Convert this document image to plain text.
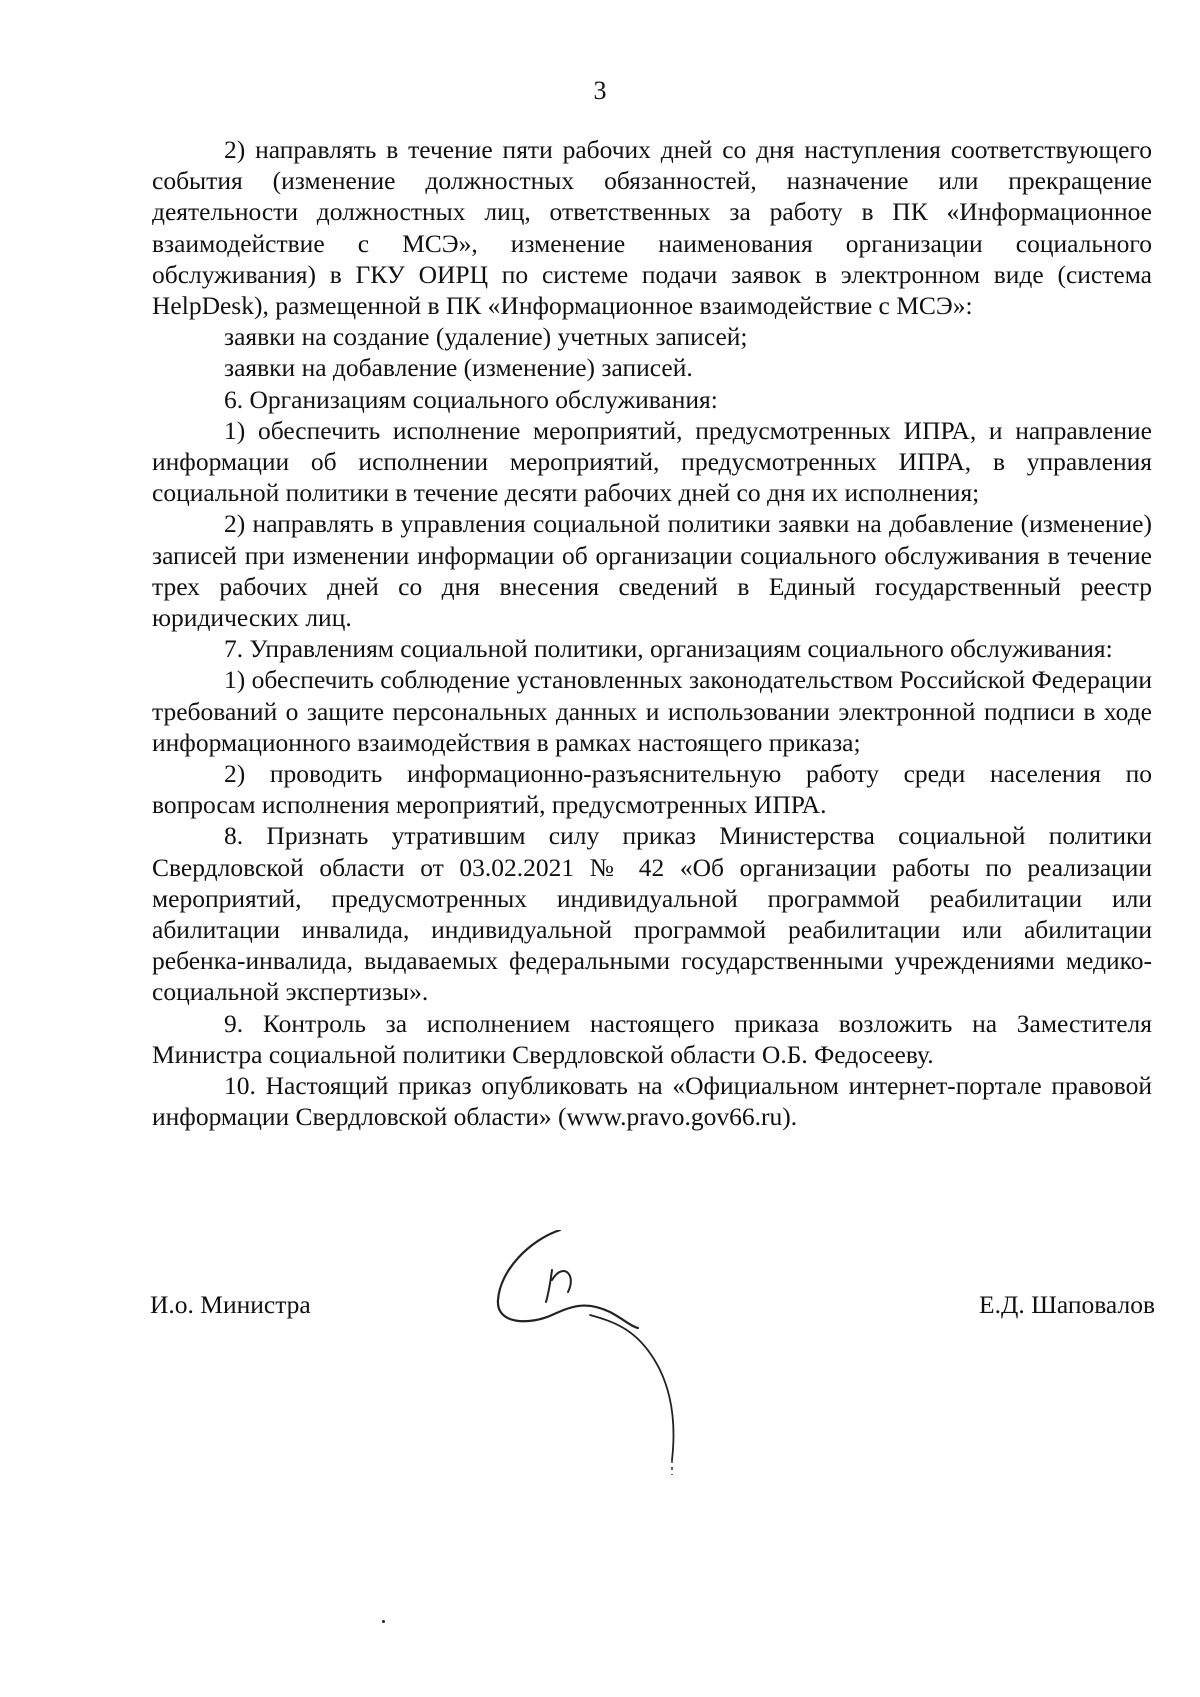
3

2) направлять в течение пяти рабочих дней со дня наступления соответствующего события (изменение должностных обязанностей, назначение или прекращение деятельности должностных лиц, ответственных за работу в ПК «Информационное взаимодействие с МСЭ», изменение наименования организации социального обслуживания) в ГКУ ОИРЦ по системе подачи заявок в электронном виде (система HelpDesk), размещенной в ПК «Информационное взаимодействие с МСЭ»:

заявки на создание (удаление) учетных записей;

заявки на добавление (изменение) записей.

6. Организациям социального обслуживания:

1) обеспечить исполнение мероприятий, предусмотренных ИПРА, и направление информации об исполнении мероприятий, предусмотренных ИПРА, в управления социальной политики в течение десяти рабочих дней со дня их исполнения;

2) направлять в управления социальной политики заявки на добавление (изменение) записей при изменении информации об организации социального обслуживания в течение трех рабочих дней со дня внесения сведений в Единый государственный реестр юридических лиц.

7. Управлениям социальной политики, организациям социального обслуживания:

1) обеспечить соблюдение установленных законодательством Российской Федерации требований о защите персональных данных и использовании электронной подписи в ходе информационного взаимодействия в рамках настоящего приказа;

2) проводить информационно-разъяснительную работу среди населения по вопросам исполнения мероприятий, предусмотренных ИПРА.

8. Признать утратившим силу приказ Министерства социальной политики Свердловской области от 03.02.2021 № 42 «Об организации работы по реализации мероприятий, предусмотренных индивидуальной программой реабилитации или абилитации инвалида, индивидуальной программой реабилитации или абилитации ребенка-инвалида, выдаваемых федеральными государственными учреждениями медико-социальной экспертизы».

9. Контроль за исполнением настоящего приказа возложить на Заместителя Министра социальной политики Свердловской области О.Б. Федосееву.

10. Настоящий приказ опубликовать на «Официальном интернет-портале правовой информации Свердловской области» (www.pravo.gov66.ru).

И.о. Министра	Е.Д. Шаповалов
